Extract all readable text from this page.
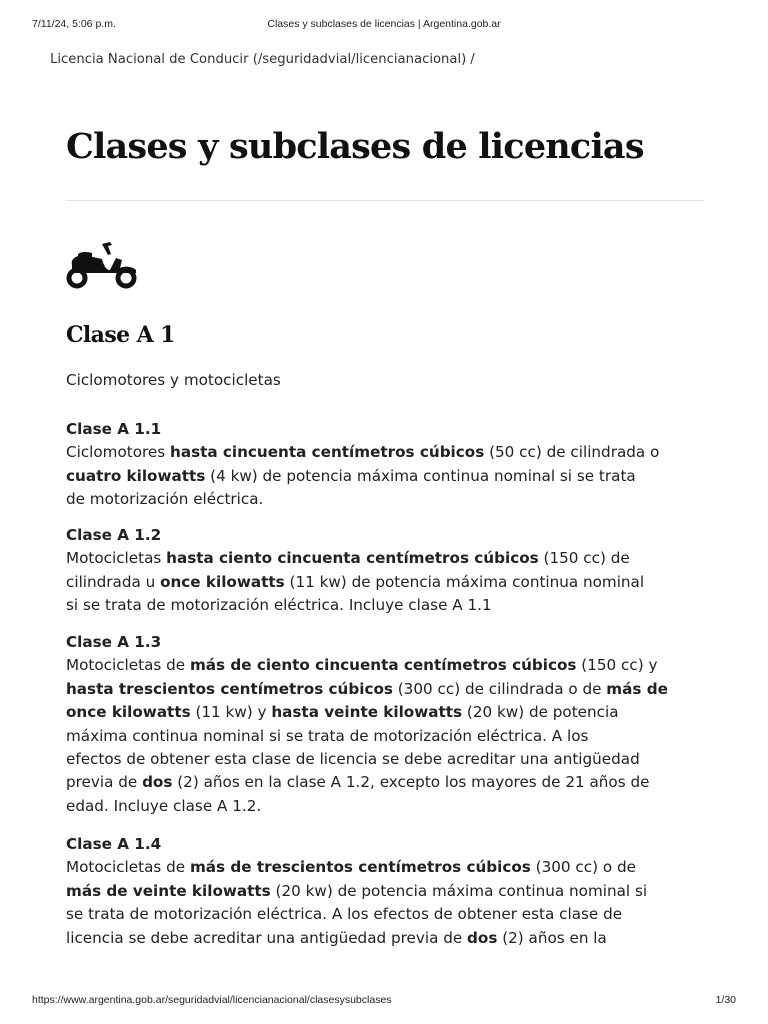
7/11/24, 5:06 p.m.	Clases y subclases de licencias | Argentina.gob.ar
Licencia Nacional de Conducir (/seguridadvial/licencianacional) /
Clases y subclases de licencias
Clase A 1
Ciclomotores y motocicletas
Clase A 1.1
Ciclomotores hasta cincuenta centímetros cúbicos (50 cc) de cilindrada o
cuatro kilowatts (4 kw) de potencia máxima continua nominal si se trata
de motorización eléctrica.
Clase A 1.2
Motocicletas hasta ciento cincuenta centímetros cúbicos (150 cc) de
cilindrada u once kilowatts (11 kw) de potencia máxima continua nominal
si se trata de motorización eléctrica. Incluye clase A 1.1
Clase A 1.3
Motocicletas de más de ciento cincuenta centímetros cúbicos (150 cc) y
hasta trescientos centímetros cúbicos (300 cc) de cilindrada o de más de
once kilowatts (11 kw) y hasta veinte kilowatts (20 kw) de potencia
máxima continua nominal si se trata de motorización eléctrica. A los
efectos de obtener esta clase de licencia se debe acreditar una antigüedad
previa de dos (2) años en la clase A 1.2, excepto los mayores de 21 años de
edad. Incluye clase A 1.2.
Clase A 1.4
Motocicletas de más de trescientos centímetros cúbicos (300 cc) o de
más de veinte kilowatts (20 kw) de potencia máxima continua nominal si
se trata de motorización eléctrica. A los efectos de obtener esta clase de
licencia se debe acreditar una antigüedad previa de dos (2) años en la
https://www.argentina.gob.ar/seguridadvial/licencianacional/clasesysubclases	1/30
